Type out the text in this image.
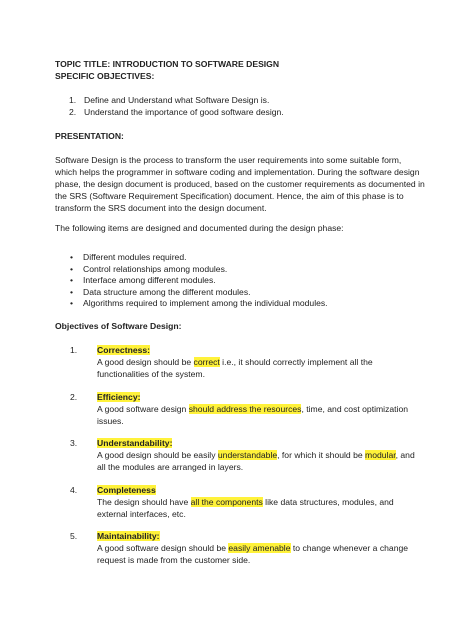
TOPIC TITLE: INTRODUCTION TO SOFTWARE DESIGN
SPECIFIC OBJECTIVES:
1. Define and Understand what Software Design is.
2. Understand the importance of good software design.
PRESENTATION:
Software Design is the process to transform the user requirements into some suitable form, which helps the programmer in software coding and implementation. During the software design phase, the design document is produced, based on the customer requirements as documented in the SRS (Software Requirement Specification) document. Hence, the aim of this phase is to transform the SRS document into the design document.
The following items are designed and documented during the design phase:
• Different modules required.
• Control relationships among modules.
• Interface among different modules.
• Data structure among the different modules.
• Algorithms required to implement among the individual modules.
Objectives of Software Design:
1. Correctness:
A good design should be correct i.e., it should correctly implement all the functionalities of the system.
2. Efficiency:
A good software design should address the resources, time, and cost optimization issues.
3. Understandability:
A good design should be easily understandable, for which it should be modular, and all the modules are arranged in layers.
4. Completeness
The design should have all the components like data structures, modules, and external interfaces, etc.
5. Maintainability:
A good software design should be easily amenable to change whenever a change request is made from the customer side.
